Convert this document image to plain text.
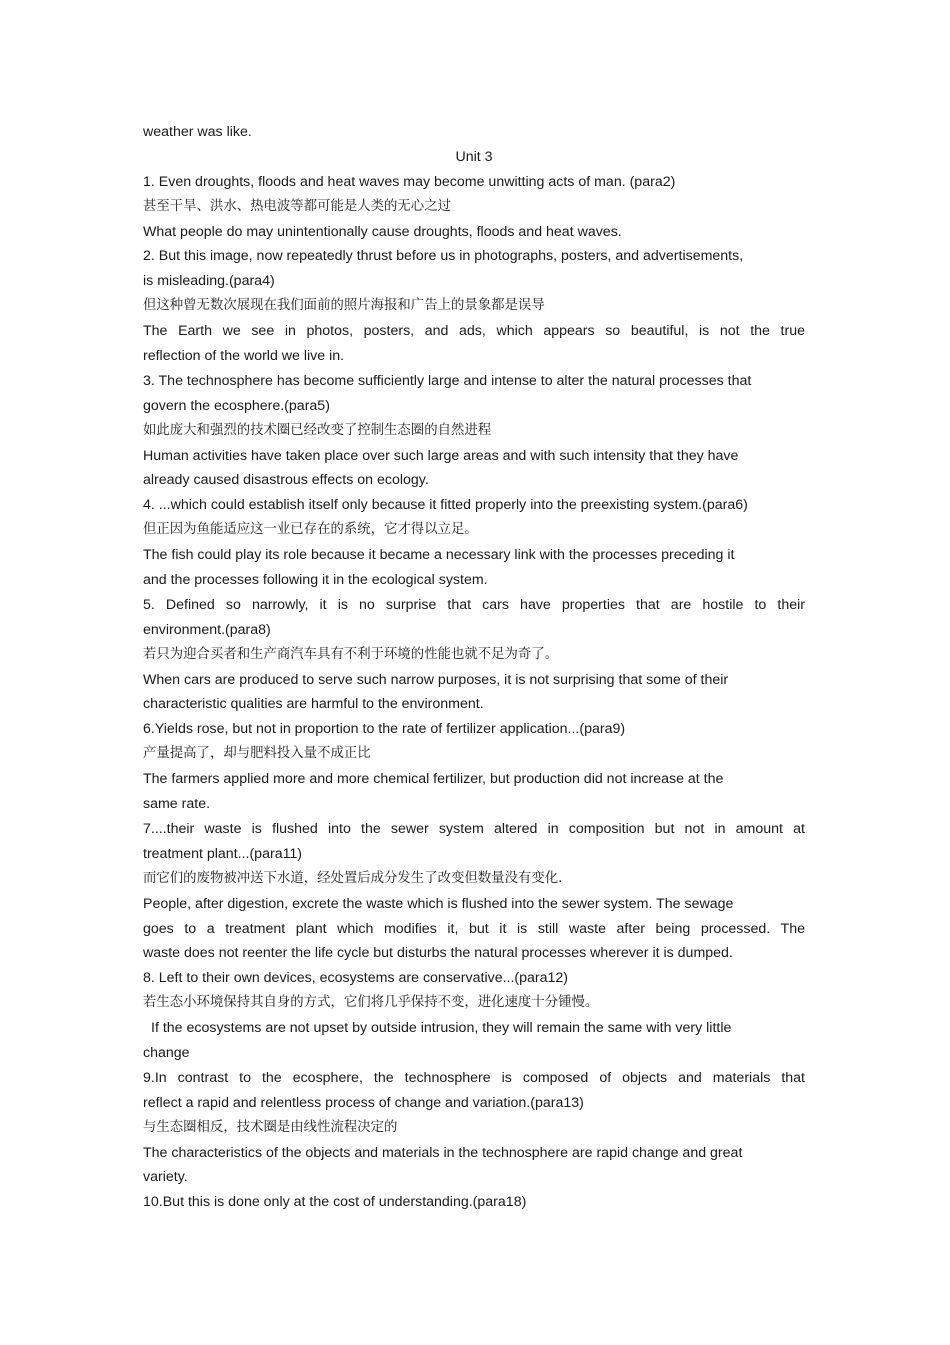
weather was like.
Unit 3
1. Even droughts, floods and heat waves may become unwitting acts of man. (para2)
甚至干旱、洪水、热电波等都可能是人类的无心之过
What people do may unintentionally cause droughts, floods and heat waves.
2. But this image, now repeatedly thrust before us in photographs, posters, and advertisements,
is misleading.(para4)
但这种曾无数次展现在我们面前的照片海报和广告上的景象都是误导
The Earth we see in photos, posters, and ads, which appears so beautiful, is not the true
reflection of the world we live in.
3. The technosphere has become sufficiently large and intense to alter the natural processes that
govern the ecosphere.(para5)
如此庞大和强烈的技术圈已经改变了控制生态圈的自然进程
Human activities have taken place over such large areas and with such intensity that they have
already caused disastrous effects on ecology.
4. ...which could establish itself only because it fitted properly into the preexisting system.(para6)
但正因为鱼能适应这一业已存在的系统，它才得以立足。
The fish could play its role because it became a necessary link with the processes preceding it
and the processes following it in the ecological system.
5. Defined so narrowly, it is no surprise that cars have properties that are hostile to their
environment.(para8)
若只为迎合买者和生产商汽车具有不利于环境的性能也就不足为奇了。
When cars are produced to serve such narrow purposes, it is not surprising that some of their
characteristic qualities are harmful to the environment.
6.Yields rose, but not in proportion to the rate of fertilizer application...(para9)
产量提高了，却与肥料投入量不成正比
The farmers applied more and more chemical fertilizer, but production did not increase at the
same rate.
7....their waste is flushed into the sewer system altered in composition but not in amount at
treatment plant...(para11)
而它们的废物被冲送下水道，经处置后成分发生了改变但数量没有变化.
People, after digestion, excrete the waste which is flushed into the sewer system. The sewage
goes to a treatment plant which modifies it, but it is still waste after being processed. The
waste does not reenter the life cycle but disturbs the natural processes wherever it is dumped.
8. Left to their own devices, ecosystems are conservative...(para12)
若生态小环境保持其自身的方式，它们将几乎保持不变，进化速度十分锺慢。
If the ecosystems are not upset by outside intrusion, they will remain the same with very little
change
9.In contrast to the ecosphere, the technosphere is composed of objects and materials that
reflect a rapid and relentless process of change and variation.(para13)
与生态圈相反，技术圈是由线性流程决定的
The characteristics of the objects and materials in the technosphere are rapid change and great
variety.
10.But this is done only at the cost of understanding.(para18)
